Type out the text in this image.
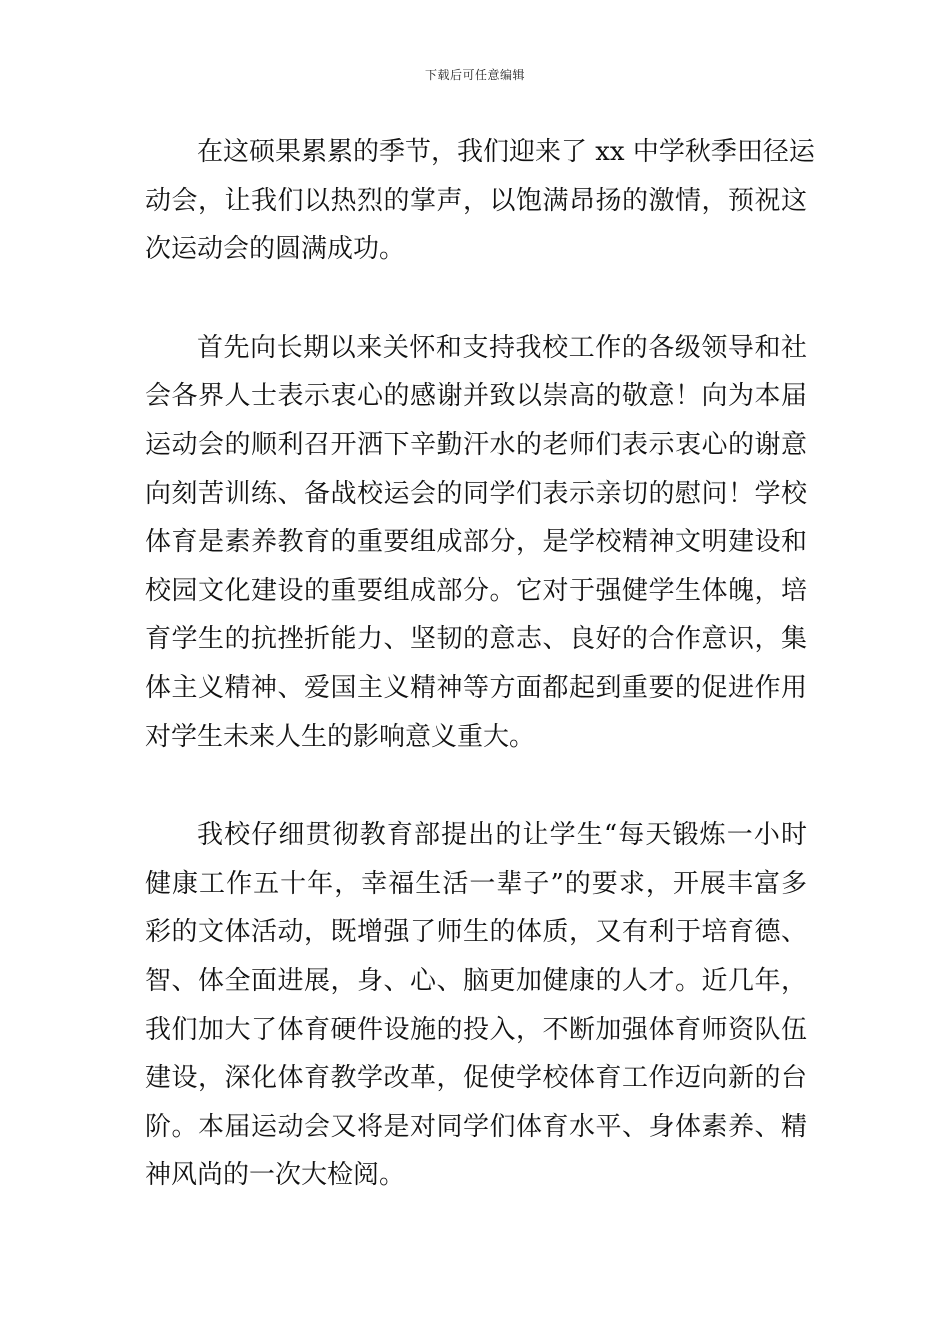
下载后可任意编辑
在这硕果累累的季节，我们迎来了 xx 中学秋季田径运
动会，让我们以热烈的掌声，以饱满昂扬的激情，预祝这
次运动会的圆满成功。
首先向长期以来关怀和支持我校工作的各级领导和社
会各界人士表示衷心的感谢并致以崇高的敬意！向为本届
运动会的顺利召开洒下辛勤汗水的老师们表示衷心的谢意
向刻苦训练、备战校运会的同学们表示亲切的慰问！学校
体育是素养教育的重要组成部分，是学校精神文明建设和
校园文化建设的重要组成部分。它对于强健学生体魄，培
育学生的抗挫折能力、坚韧的意志、良好的合作意识，集
体主义精神、爱国主义精神等方面都起到重要的促进作用
对学生未来人生的影响意义重大。
我校仔细贯彻教育部提出的让学生“每天锻炼一小时
健康工作五十年，幸福生活一辈子”的要求，开展丰富多
彩的文体活动，既增强了师生的体质，又有利于培育德、
智、体全面进展，身、心、脑更加健康的人才。近几年，
我们加大了体育硬件设施的投入，不断加强体育师资队伍
建设，深化体育教学改革，促使学校体育工作迈向新的台
阶。本届运动会又将是对同学们体育水平、身体素养、精
神风尚的一次大检阅。
